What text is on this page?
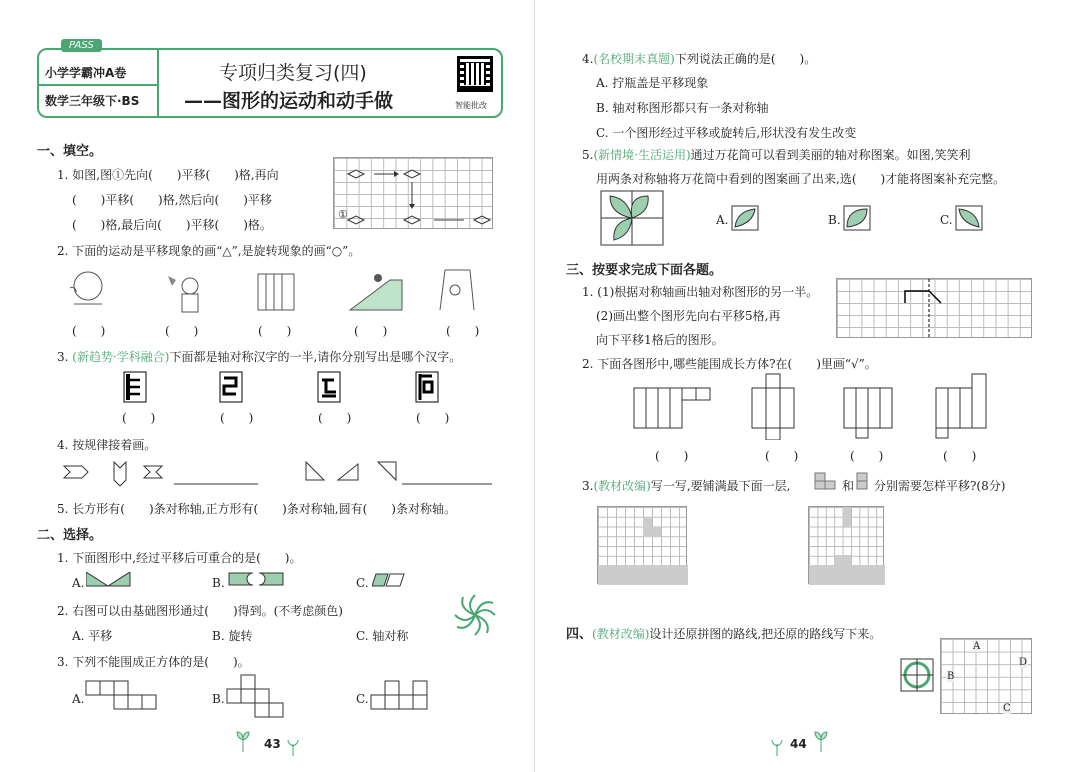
PASS
小学学霸冲A卷
数学三年级下·BS
专项归类复习(四)
——图形的运动和动手做	智能批改
一、填空。
1. 如图,图①先向(　　)平移(　　)格,再向
(　　)平移(　　)格,然后向(　　)平移
(　　)格,最后向(　　)平移(　　)格。
①
2. 下面的运动是平移现象的画“△”,是旋转现象的画“○”。
(　　)	(　　)	(　　)	(　　)	(　　)
3. (新趋势·学科融合)下面都是轴对称汉字的一半,请你分别写出是哪个汉字。
(　　)	(　　)	(　　)	(　　)
4. 按规律接着画。
5. 长方形有(　　)条对称轴,正方形有(　　)条对称轴,圆有(　　)条对称轴。
二、选择。
1. 下面图形中,经过平移后可重合的是(　　)。
A.	B.	C.
2. 右图可以由基础图形通过(　　)得到。(不考虑颜色)
A. 平移	B. 旋转	C. 轴对称
3. 下列不能围成正方体的是(　　)。
A.	B.	C.
43
4.(名校期末真题)下列说法正确的是(　　)。
A. 拧瓶盖是平移现象
B. 轴对称图形都只有一条对称轴
C. 一个图形经过平移或旋转后,形状没有发生改变
5.(新情境·生活运用)通过万花筒可以看到美丽的轴对称图案。如图,笑笑利
用两条对称轴将万花筒中看到的图案画了出来,选(　　)才能将图案补充完整。
A.	B.	C.
三、按要求完成下面各题。
1. (1)根据对称轴画出轴对称图形的另一半。
(2)画出整个图形先向右平移5格,再
向下平移1格后的图形。
2. 下面各图形中,哪些能围成长方体?在(　　)里画“√”。
(　　)	(　　)	(　　)	(　　)
3.(教材改编)写一写,要铺满最下面一层,	和 分别需要怎样平移?(8分)
四、(教材改编)设计还原拼图的路线,把还原的路线写下来。
A
B
C
D
44
